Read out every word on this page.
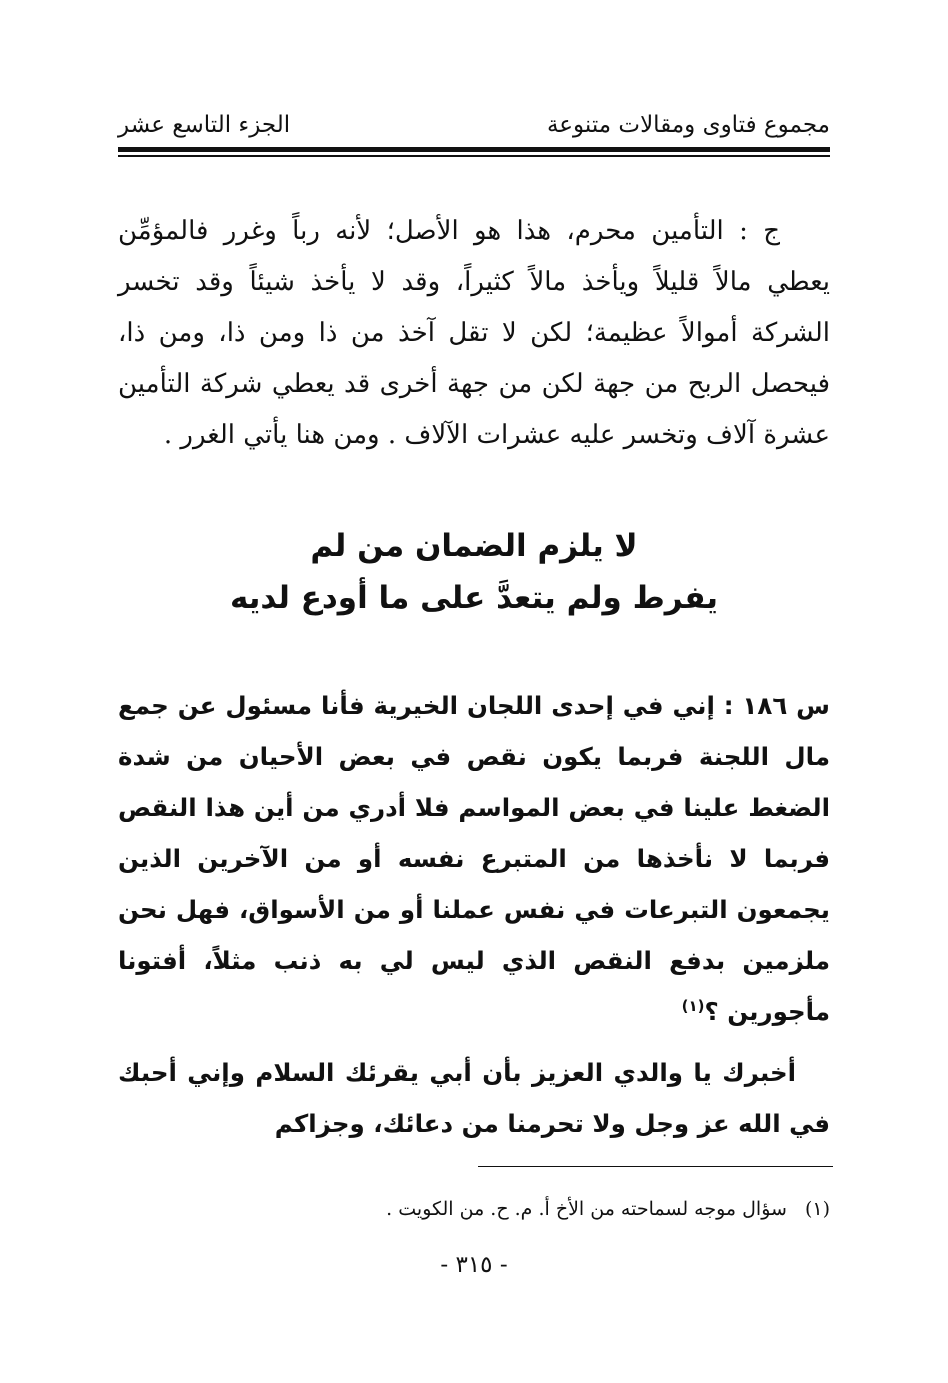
مجموع فتاوى ومقالات متنوعة
الجزء التاسع عشر

ج : التأمين محرم، هذا هو الأصل؛ لأنه رباً وغرر فالمؤمِّن يعطي مالاً قليلاً ويأخذ مالاً كثيراً، وقد لا يأخذ شيئاً وقد تخسر الشركة أموالاً عظيمة؛ لكن لا تقل آخذ من ذا ومن ذا، ومن ذا، فيحصل الربح من جهة لكن من جهة أخرى قد يعطي شركة التأمين عشرة آلاف وتخسر عليه عشرات الآلاف . ومن هنا يأتي الغرر .

لا يلزم الضمان من لم
يفرط ولم يتعدَّ على ما أودع لديه

س ١٨٦ : إني في إحدى اللجان الخيرية فأنا مسئول عن جمع مال اللجنة فربما يكون نقص في بعض الأحيان من شدة الضغط علينا في بعض المواسم فلا أدري من أين هذا النقص فربما لا نأخذها من المتبرع نفسه أو من الآخرين الذين يجمعون التبرعات في نفس عملنا أو من الأسواق، فهل نحن ملزمين بدفع النقص الذي ليس لي به ذنب مثلاً، أفتونا مأجورين ؟$^{(١)}$

أخبرك يا والدي العزيز بأن أبي يقرئك السلام وإني أحبك في الله عز وجل ولا تحرمنا من دعائك، وجزاكم

(١)سؤال موجه لسماحته من الأخ أ. م. ح. من الكويت .
- ٣١٥ -
